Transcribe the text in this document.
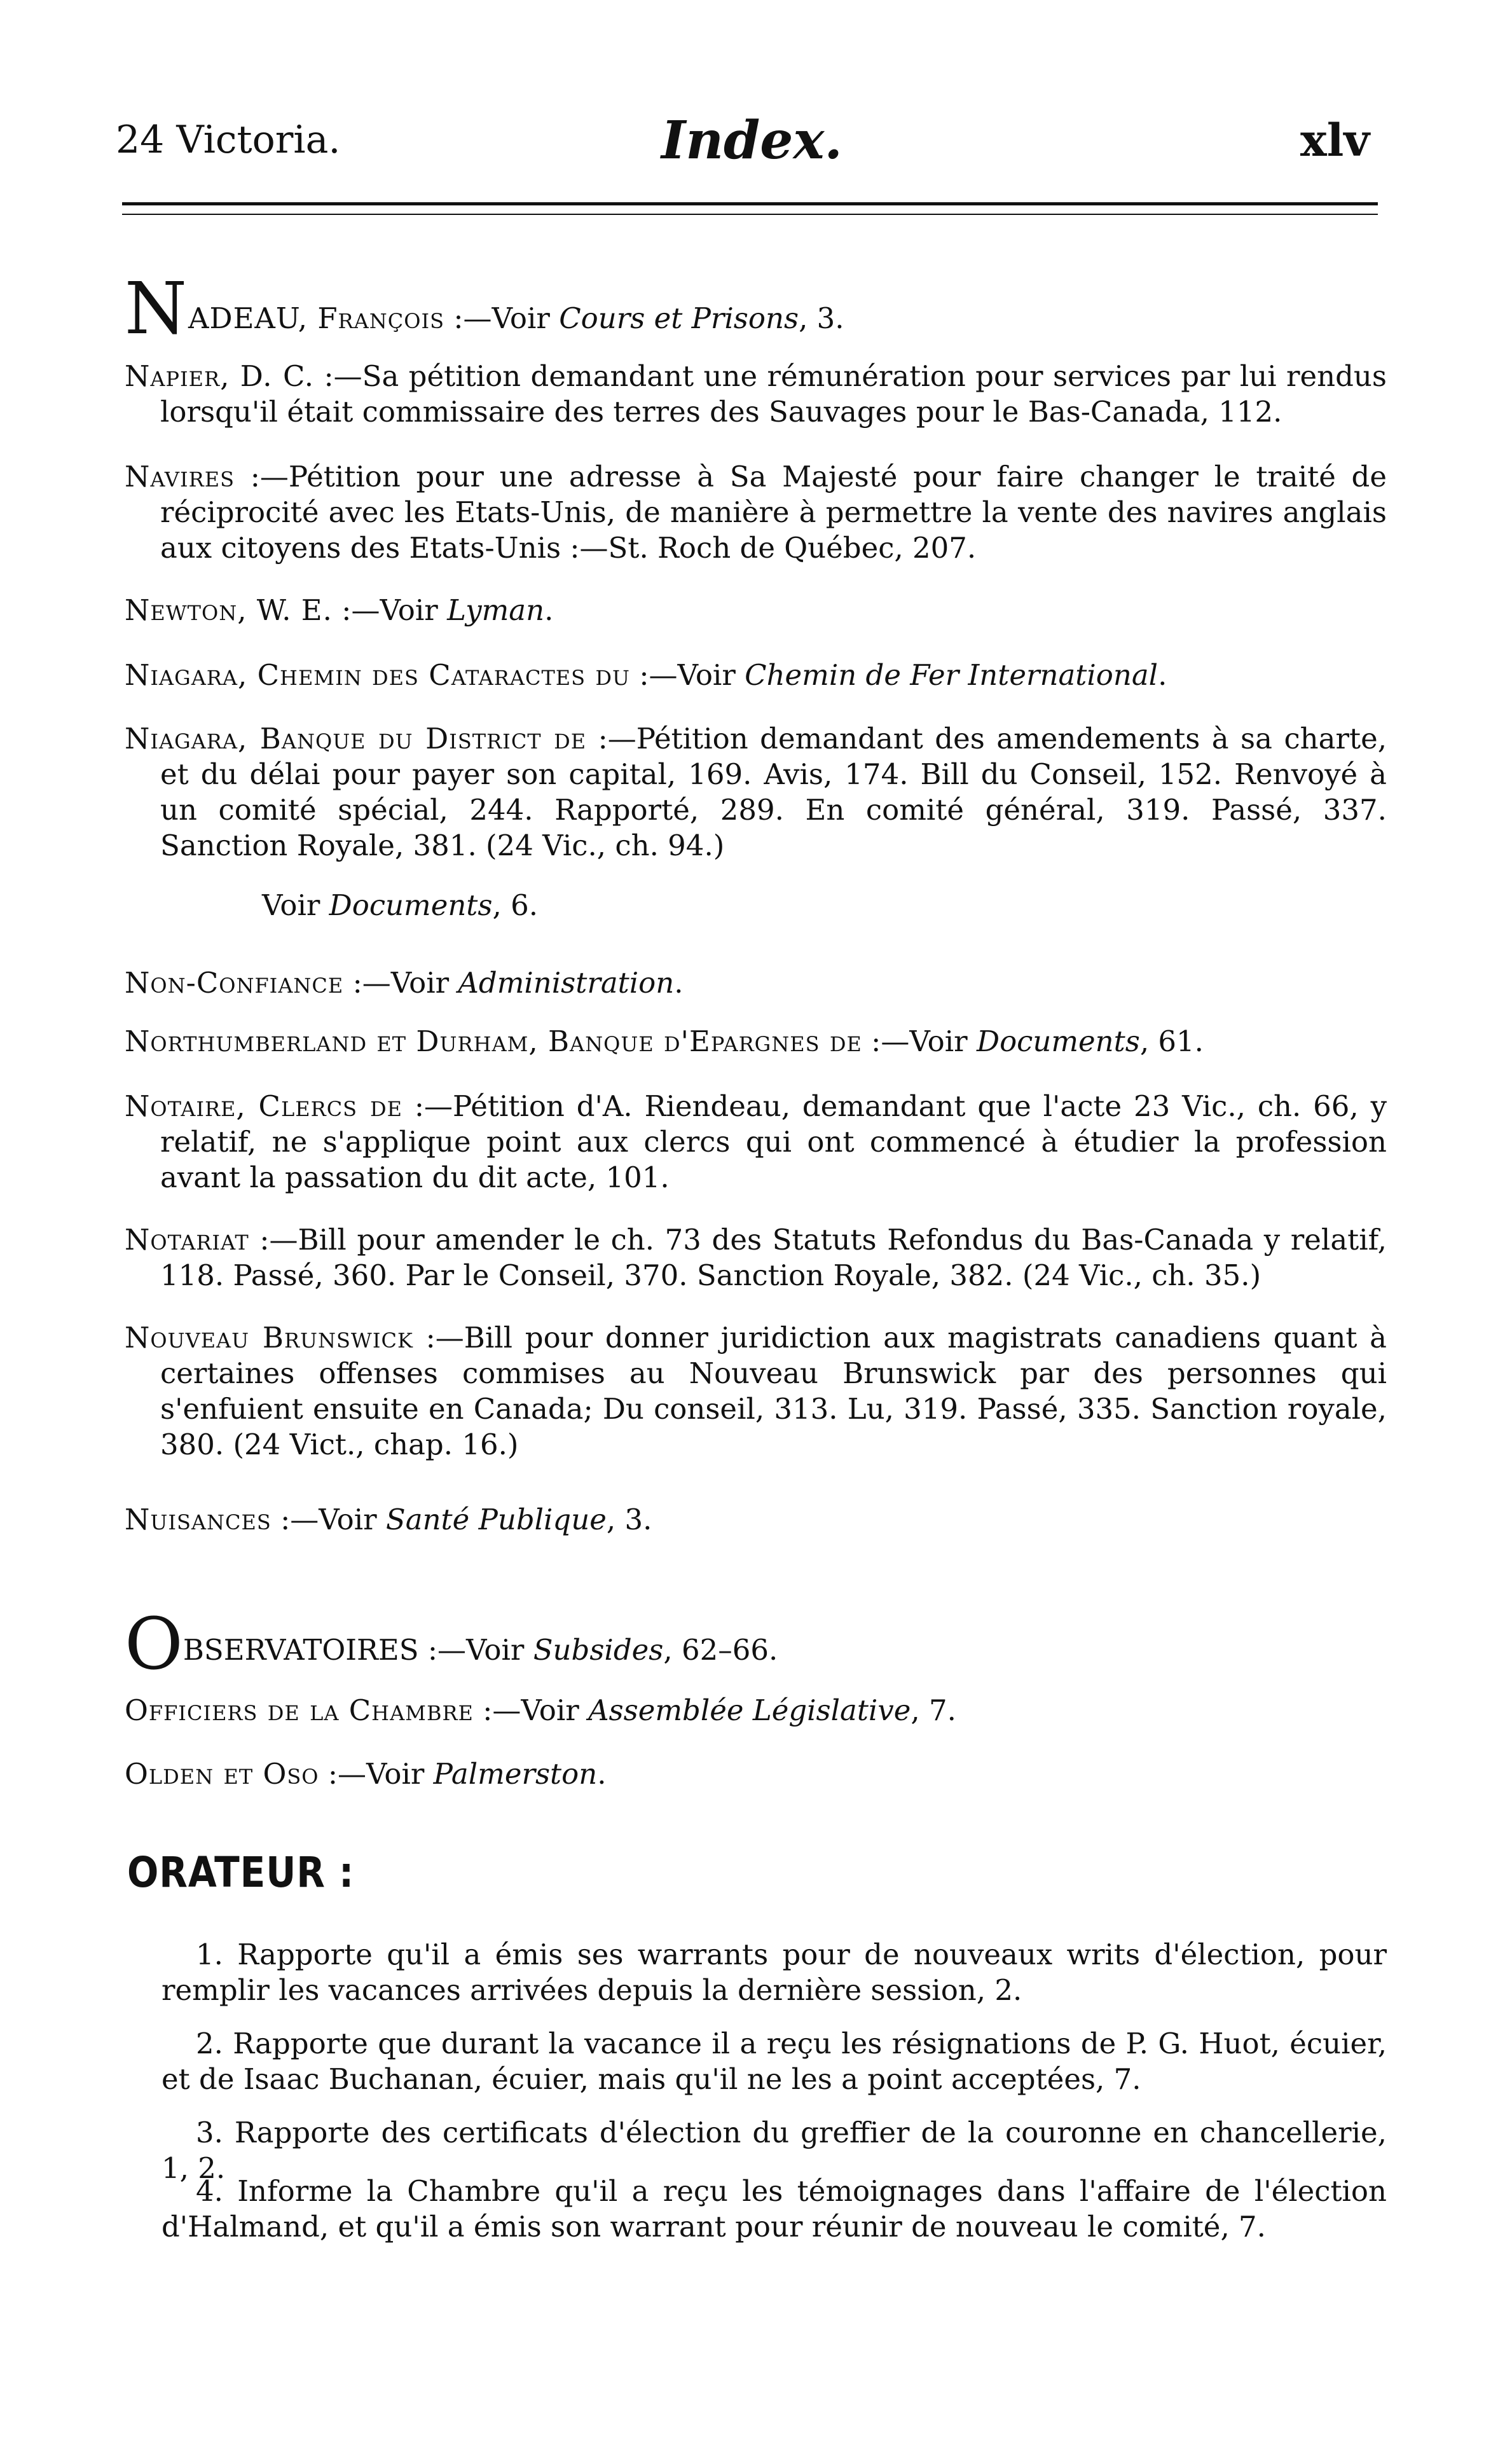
24 Victoria.	Index.	xlv
NADEAU, François :—Voir Cours et Prisons, 3.
Napier, D. C. :—Sa pétition demandant une rémunération pour services par lui rendus lorsqu'il était commissaire des terres des Sauvages pour le Bas-Canada, 112.
Navires :—Pétition pour une adresse à Sa Majesté pour faire changer le traité de réciprocité avec les Etats-Unis, de manière à permettre la vente des navires anglais aux citoyens des Etats-Unis :—St. Roch de Québec, 207.
Newton, W. E. :—Voir Lyman.
Niagara, Chemin des Cataractes du :—Voir Chemin de Fer International.
Niagara, Banque du District de :—Pétition demandant des amendements à sa charte, et du délai pour payer son capital, 169. Avis, 174. Bill du Conseil, 152. Renvoyé à un comité spécial, 244. Rapporté, 289. En comité général, 319. Passé, 337. Sanction Royale, 381. (24 Vic., ch. 94.)
Voir Documents, 6.
Non-Confiance :—Voir Administration.
Northumberland et Durham, Banque d'Epargnes de :—Voir Documents, 61.
Notaire, Clercs de :—Pétition d'A. Riendeau, demandant que l'acte 23 Vic., ch. 66, y relatif, ne s'applique point aux clercs qui ont commencé à étudier la profession avant la passation du dit acte, 101.
Notariat :—Bill pour amender le ch. 73 des Statuts Refondus du Bas-Canada y relatif, 118. Passé, 360. Par le Conseil, 370. Sanction Royale, 382. (24 Vic., ch. 35.)
Nouveau Brunswick :—Bill pour donner juridiction aux magistrats canadiens quant à certaines offenses commises au Nouveau Brunswick par des personnes qui s'enfuient ensuite en Canada; Du conseil, 313. Lu, 319. Passé, 335. Sanction royale, 380. (24 Vict., chap. 16.)
Nuisances :—Voir Santé Publique, 3.
OBSERVATOIRES :—Voir Subsides, 62–66.
Officiers de la Chambre :—Voir Assemblée Législative, 7.
Olden et Oso :—Voir Palmerston.
ORATEUR :
1. Rapporte qu'il a émis ses warrants pour de nouveaux writs d'élection, pour remplir les vacances arrivées depuis la dernière session, 2.
2. Rapporte que durant la vacance il a reçu les résignations de P. G. Huot, écuier, et de Isaac Buchanan, écuier, mais qu'il ne les a point acceptées, 7.
3. Rapporte des certificats d'élection du greffier de la couronne en chancellerie, 1, 2.
4. Informe la Chambre qu'il a reçu les témoignages dans l'affaire de l'élection d'Halmand, et qu'il a émis son warrant pour réunir de nouveau le comité, 7.
